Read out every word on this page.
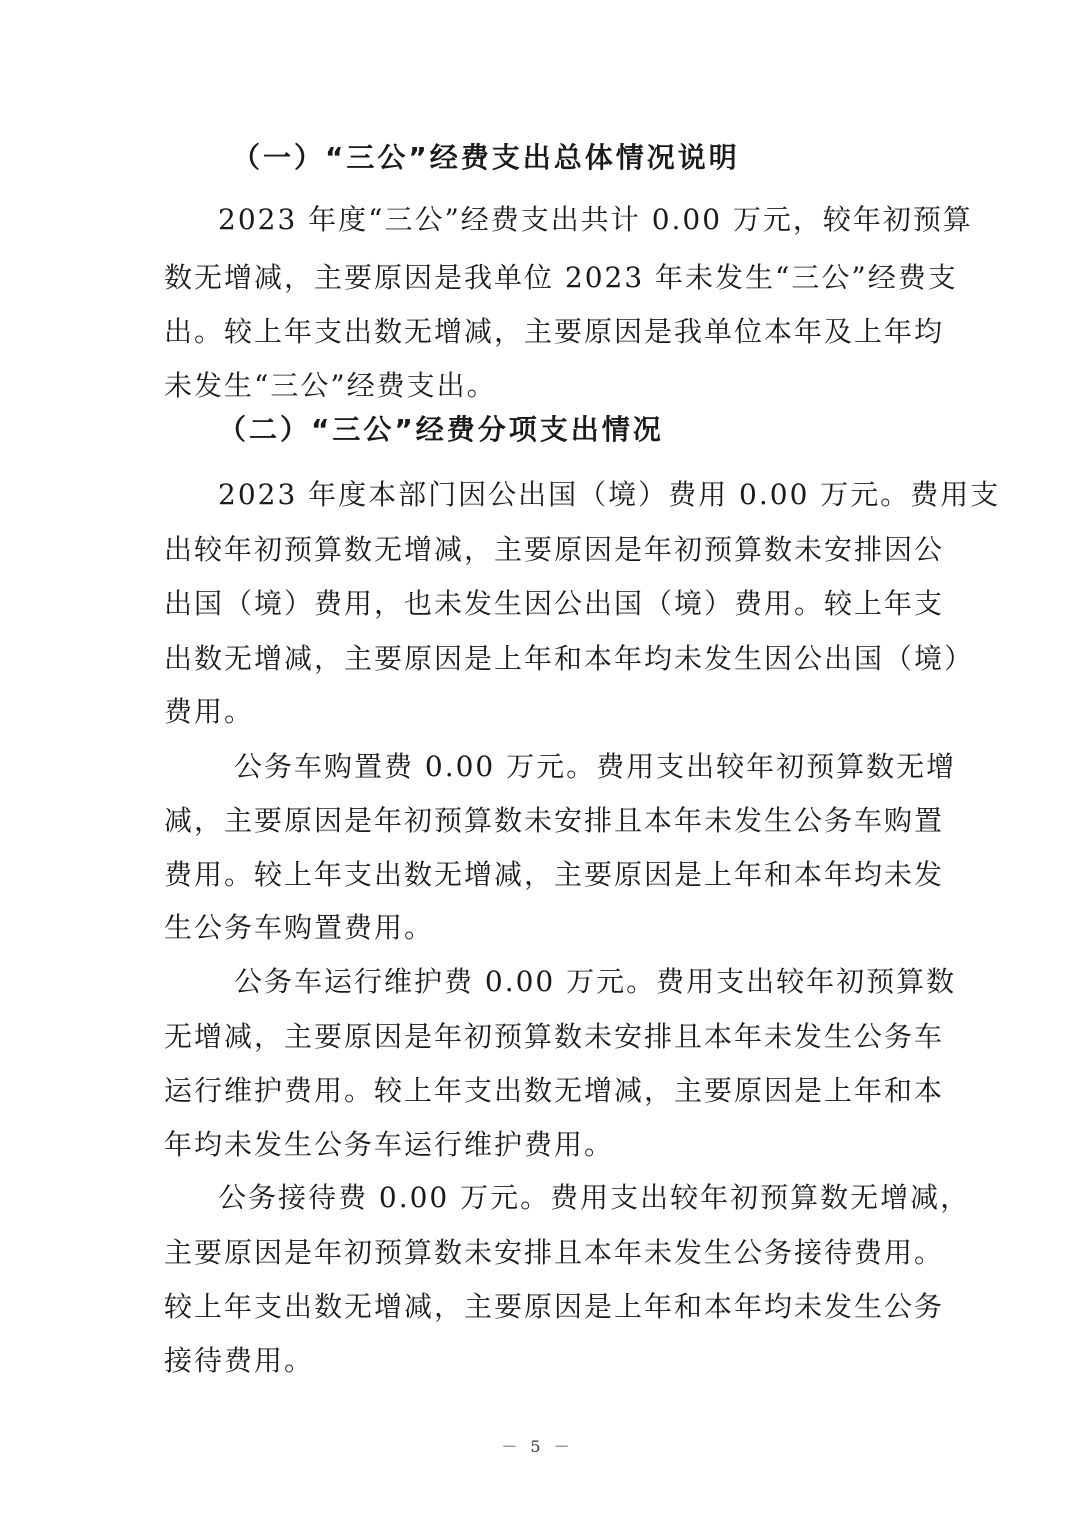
（一）“三公”经费支出总体情况说明
2023 年度“三公”经费支出共计 0.00 万元，较年初预算
数无增减，主要原因是我单位 2023 年未发生“三公”经费支
出。较上年支出数无增减，主要原因是我单位本年及上年均
未发生“三公”经费支出。
（二）“三公”经费分项支出情况
2023 年度本部门因公出国（境）费用 0.00 万元。费用支
出较年初预算数无增减，主要原因是年初预算数未安排因公
出国（境）费用，也未发生因公出国（境）费用。较上年支
出数无增减，主要原因是上年和本年均未发生因公出国（境）
费用。
公务车购置费 0.00 万元。费用支出较年初预算数无增
减，主要原因是年初预算数未安排且本年未发生公务车购置
费用。较上年支出数无增减，主要原因是上年和本年均未发
生公务车购置费用。
公务车运行维护费 0.00 万元。费用支出较年初预算数
无增减，主要原因是年初预算数未安排且本年未发生公务车
运行维护费用。较上年支出数无增减，主要原因是上年和本
年均未发生公务车运行维护费用。
公务接待费 0.00 万元。费用支出较年初预算数无增减，
主要原因是年初预算数未安排且本年未发生公务接待费用。
较上年支出数无增减，主要原因是上年和本年均未发生公务
接待费用。
－ 5 －
